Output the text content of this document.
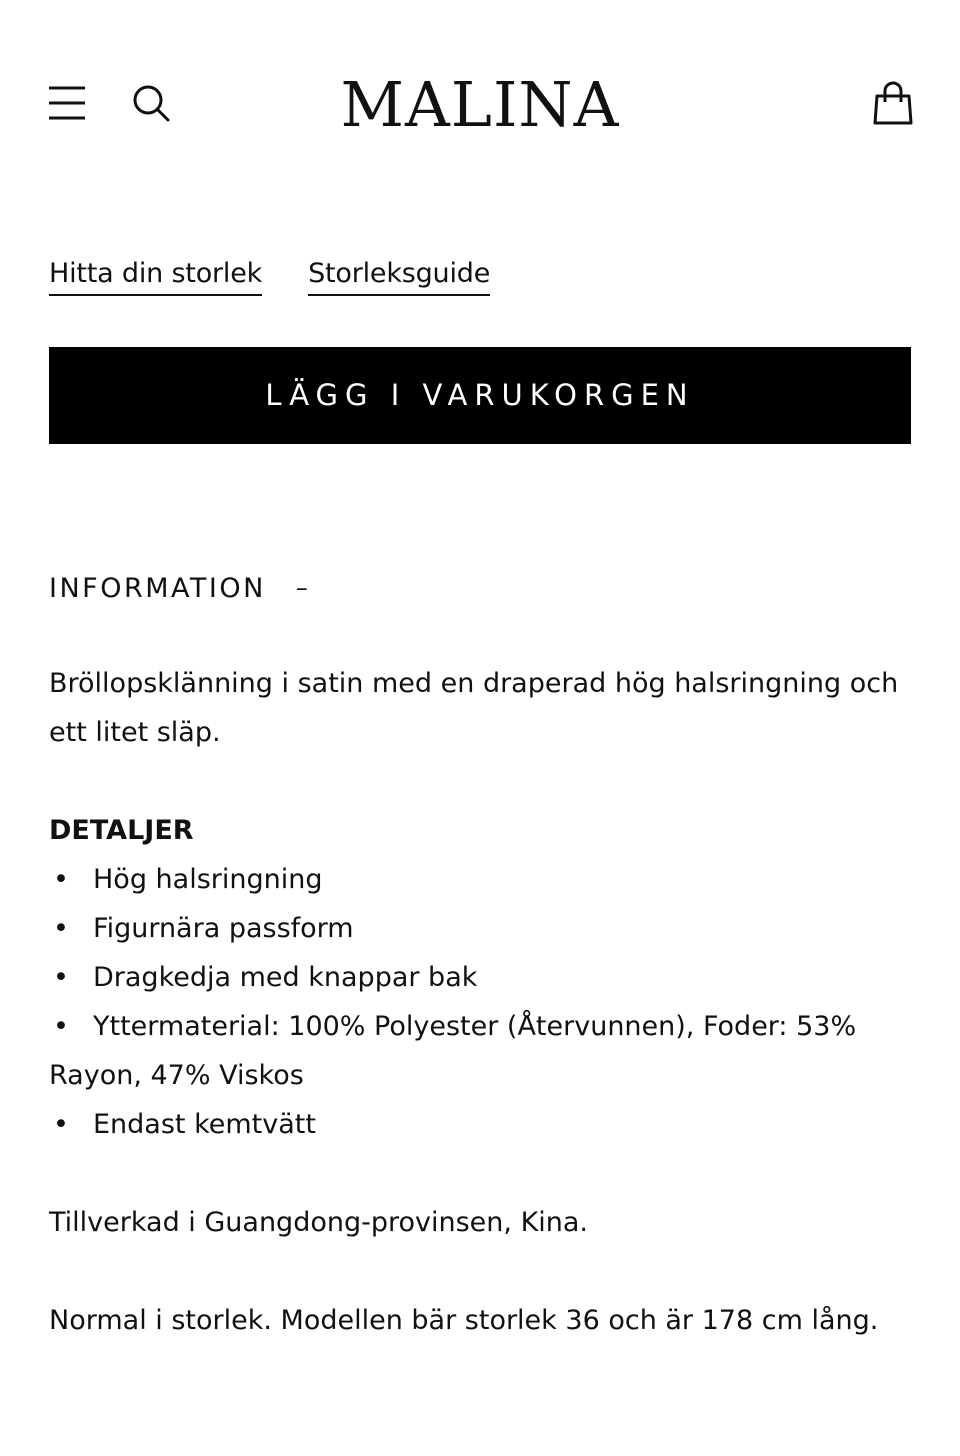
MALINA
Hitta din storlek Storleksguide
LÄGG I VARUKORGEN
INFORMATION –

Bröllopsklänning i satin med en draperad hög halsringning och ett litet släp.

DETALJER

• Hög halsringning
• Figurnära passform
• Dragkedja med knappar bak
• Yttermaterial: 100% Polyester (Återvunnen), Foder: 53% Rayon, 47% Viskos
• Endast kemtvätt

Tillverkad i Guangdong-provinsen, Kina.

Normal i storlek. Modellen bär storlek 36 och är 178 cm lång.
